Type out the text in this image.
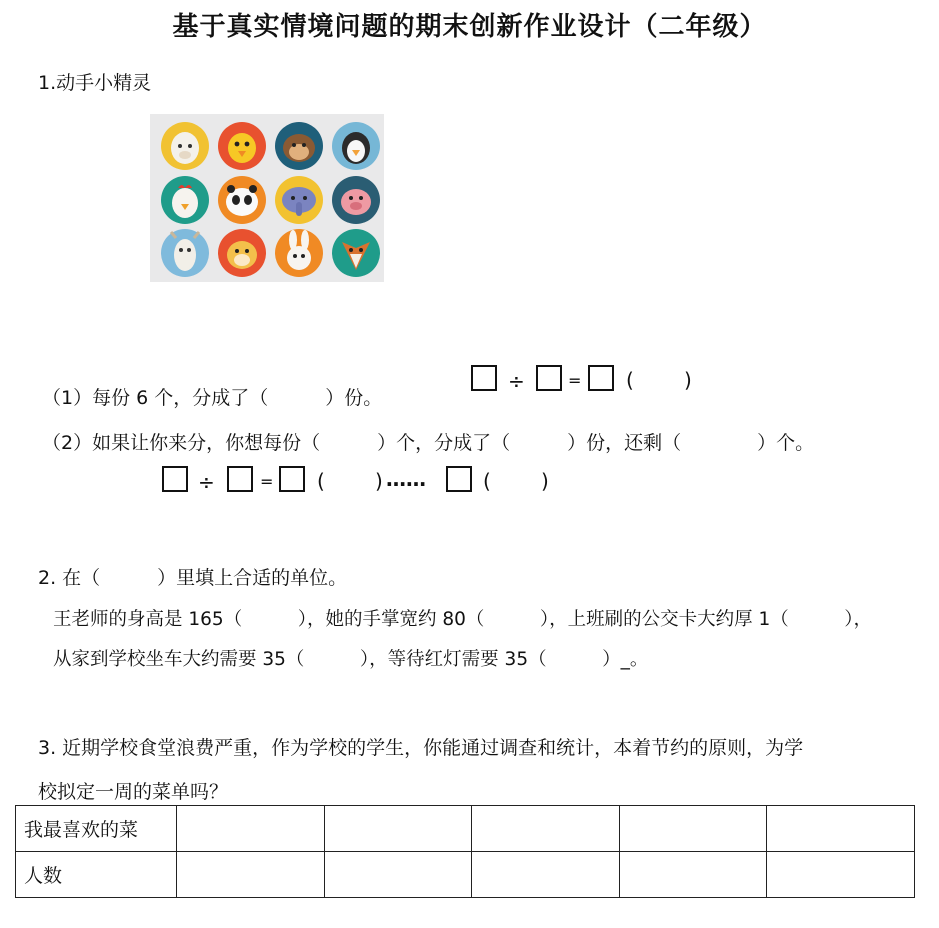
基于真实情境问题的期末创新作业设计（二年级）
1.动手小精灵
（1）每份 6 个，分成了（　　　）份。
÷	= (	)
（2）如果让你来分，你想每份（　　　）个，分成了（　　　）份，还剩（　　　　）个。
÷	= (	) ……	(	)
2. 在（　　　）里填上合适的单位。
王老师的身高是 165（　　　），她的手掌宽约 80（　　　），上班刷的公交卡大约厚 1（　　　），
从家到学校坐车大约需要 35（　　　），等待红灯需要 35（　　　）_。
3. 近期学校食堂浪费严重，作为学校的学生，你能通过调查和统计，本着节约的原则，为学
校拟定一周的菜单吗？
我最喜欢的菜					
人数					
